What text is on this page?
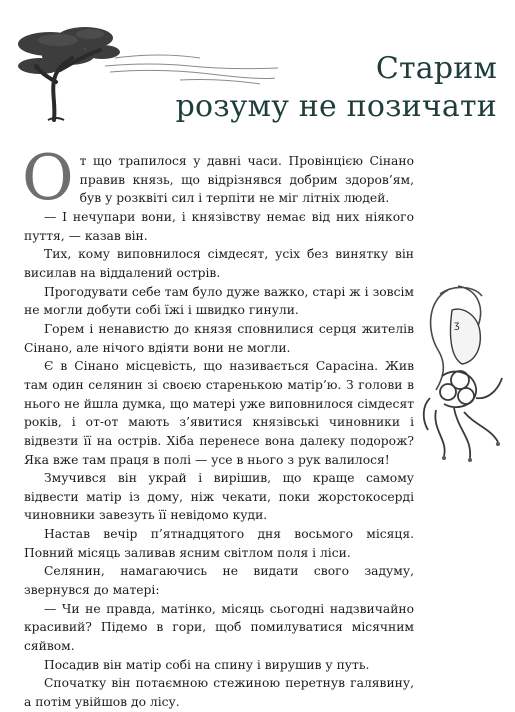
Старим
розуму не позичати

От що трапилося у давні часи. Провінцією Сінано правив князь, що відрізнявся добрим здоров’ям, був у розквіті сил і терпіти не міг літніх людей.

— І нечупари вони, і князівству немає від них ніякого пуття, — казав він.

Тих, кому виповнилося сімдесят, усіх без винятку він висилав на віддалений острів.

Прогодувати себе там було дуже важко, старі ж і зовсім не могли добути собі їжі і швидко гинули.

Горем і ненавистю до князя сповнилися серця жителів Сінано, але нічого вдіяти вони не могли.

Є в Сінано місцевість, що називається Сарасіна. Жив там один селянин зі своєю старенькою матір’ю. З голови в нього не йшла думка, що матері уже виповнилося сімдесят років, і от-от мають з’явитися князівські чиновники і відвезти її на острів. Хіба перенесе вона далеку подорож? Яка вже там праця в полі — усе в нього з рук валилося!

Змучився він украй і вирішив, що краще самому відвести матір із дому, ніж чекати, поки жорстокосерді чиновники завезуть її невідомо куди.

Настав вечір п’ятнадцятого дня восьмого місяця. Повний місяць заливав ясним світлом поля і ліси.

Селянин, намагаючись не видати свого задуму, звернувся до матері:

— Чи не правда, матінко, місяць сьогодні надзвичайно красивий? Підемо в гори, щоб помилуватися місячним сяйвом.

Посадив він матір собі на спину і вирушив у путь.

Спочатку він потаємною стежиною перетнув галявину, а потім увійшов до лісу.

ʒ
